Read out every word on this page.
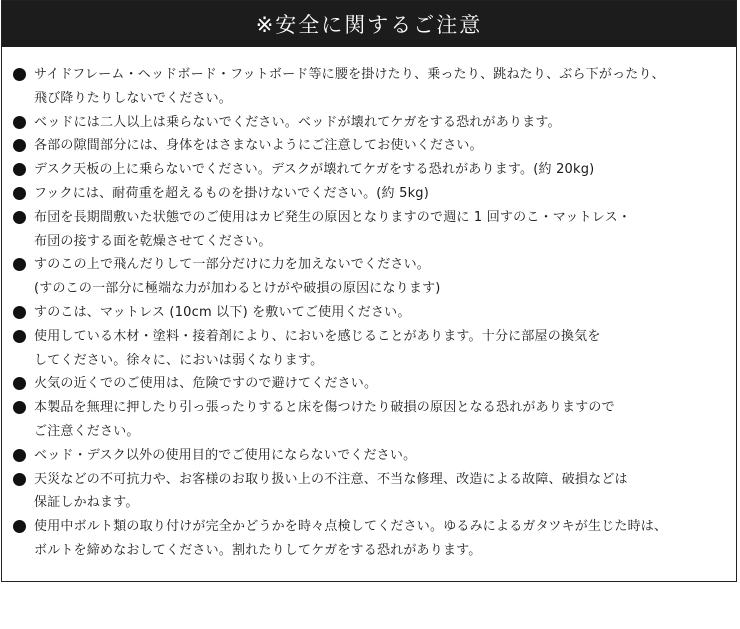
※安全に関するご注意
サイドフレーム・ヘッドボード・フットボード等に腰を掛けたり、乗ったり、跳ねたり、ぶら下がったり、
飛び降りたりしないでください。
ベッドには二人以上は乗らないでください。ベッドが壊れてケガをする恐れがあります。
各部の隙間部分には、身体をはさまないようにご注意してお使いください。
デスク天板の上に乗らないでください。デスクが壊れてケガをする恐れがあります。(約 20kg)
フックには、耐荷重を超えるものを掛けないでください。(約 5kg)
布団を長期間敷いた状態でのご使用はカビ発生の原因となりますので週に 1 回すのこ・マットレス・
布団の接する面を乾燥させてください。
すのこの上で飛んだりして一部分だけに力を加えないでください。
(すのこの一部分に極端な力が加わるとけがや破損の原因になります)
すのこは、マットレス (10cm 以下) を敷いてご使用ください。
使用している木材・塗料・接着剤により、においを感じることがあります。十分に部屋の換気を
してください。徐々に、においは弱くなります。
火気の近くでのご使用は、危険ですので避けてください。
本製品を無理に押したり引っ張ったりすると床を傷つけたり破損の原因となる恐れがありますので
ご注意ください。
ベッド・デスク以外の使用目的でご使用にならないでください。
天災などの不可抗力や、お客様のお取り扱い上の不注意、不当な修理、改造による故障、破損などは
保証しかねます。
使用中ボルト類の取り付けが完全かどうかを時々点検してください。ゆるみによるガタツキが生じた時は、
ボルトを締めなおしてください。割れたりしてケガをする恐れがあります。
